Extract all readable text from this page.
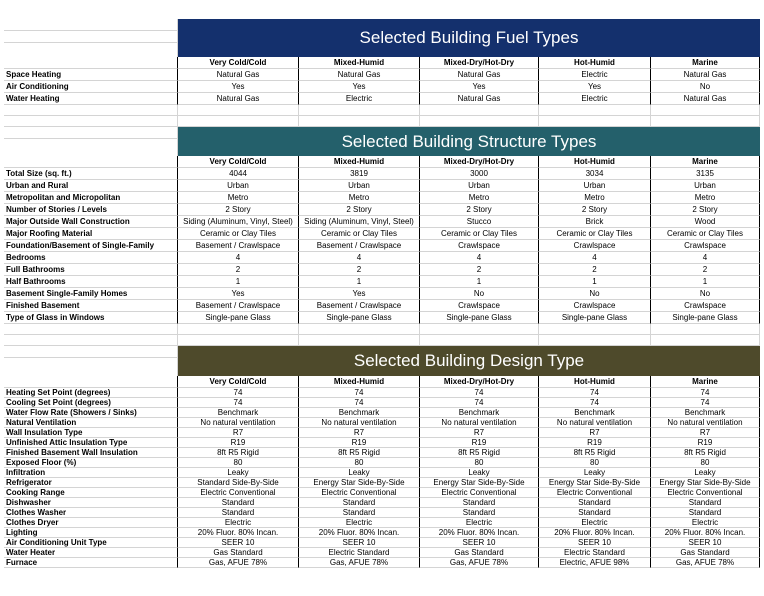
Selected Building Fuel Types
Very Cold/Cold	Mixed-Humid	Mixed-Dry/Hot-Dry	Hot-Humid	Marine
Space Heating	Natural Gas	Natural Gas	Natural Gas	Electric	Natural Gas
Air Conditioning	Yes	Yes	Yes	Yes	No
Water Heating	Natural Gas	Electric	Natural Gas	Electric	Natural Gas
Selected Building Structure Types
Very Cold/Cold	Mixed-Humid	Mixed-Dry/Hot-Dry	Hot-Humid	Marine
Total Size (sq. ft.)	4044	3819	3000	3034	3135
Urban and Rural	Urban	Urban	Urban	Urban	Urban
Metropolitan and Micropolitan	Metro	Metro	Metro	Metro	Metro
Number of Stories / Levels	2 Story	2 Story	2 Story	2 Story	2 Story
Major Outside Wall Construction	Siding (Aluminum, Vinyl, Steel)	Siding (Aluminum, Vinyl, Steel)	Stucco	Brick	Wood
Major Roofing Material	Ceramic or Clay Tiles	Ceramic or Clay Tiles	Ceramic or Clay Tiles	Ceramic or Clay Tiles	Ceramic or Clay Tiles
Foundation/Basement of Single-Family	Basement / Crawlspace	Basement / Crawlspace	Crawlspace	Crawlspace	Crawlspace
Bedrooms	4	4	4	4	4
Full Bathrooms	2	2	2	2	2
Half Bathrooms	1	1	1	1	1
Basement Single-Family Homes	Yes	Yes	No	No	No
Finished Basement	Basement / Crawlspace	Basement / Crawlspace	Crawlspace	Crawlspace	Crawlspace
Type of Glass in Windows	Single-pane Glass	Single-pane Glass	Single-pane Glass	Single-pane Glass	Single-pane Glass
Selected Building Design Type
Very Cold/Cold	Mixed-Humid	Mixed-Dry/Hot-Dry	Hot-Humid	Marine
Heating Set Point (degrees)	74	74	74	74	74
Cooling Set Point (degrees)	74	74	74	74	74
Water Flow Rate (Showers / Sinks)	Benchmark	Benchmark	Benchmark	Benchmark	Benchmark
Natural Ventilation	No natural ventilation	No natural ventilation	No natural ventilation	No natural ventilation	No natural ventilation
Wall Insulation Type	R7	R7	R7	R7	R7
Unfinished Attic Insulation Type	R19	R19	R19	R19	R19
Finished Basement Wall Insulation	8ft R5 Rigid	8ft R5 Rigid	8ft R5 Rigid	8ft R5 Rigid	8ft R5 Rigid
Exposed Floor (%)	80	80	80	80	80
Infiltration	Leaky	Leaky	Leaky	Leaky	Leaky
Refrigerator	Standard Side-By-Side	Energy Star Side-By-Side	Energy Star Side-By-Side	Energy Star Side-By-Side	Energy Star Side-By-Side
Cooking Range	Electric Conventional	Electric Conventional	Electric Conventional	Electric Conventional	Electric Conventional
Dishwasher	Standard	Standard	Standard	Standard	Standard
Clothes Washer	Standard	Standard	Standard	Standard	Standard
Clothes Dryer	Electric	Electric	Electric	Electric	Electric
Lighting	20% Fluor. 80% Incan.	20% Fluor. 80% Incan.	20% Fluor. 80% Incan.	20% Fluor. 80% Incan.	20% Fluor. 80% Incan.
Air Conditioning Unit Type	SEER 10	SEER 10	SEER 10	SEER 10	SEER 10
Water Heater	Gas Standard	Electric Standard	Gas Standard	Electric Standard	Gas Standard
Furnace	Gas, AFUE 78%	Gas, AFUE 78%	Gas, AFUE 78%	Electric, AFUE 98%	Gas, AFUE 78%
